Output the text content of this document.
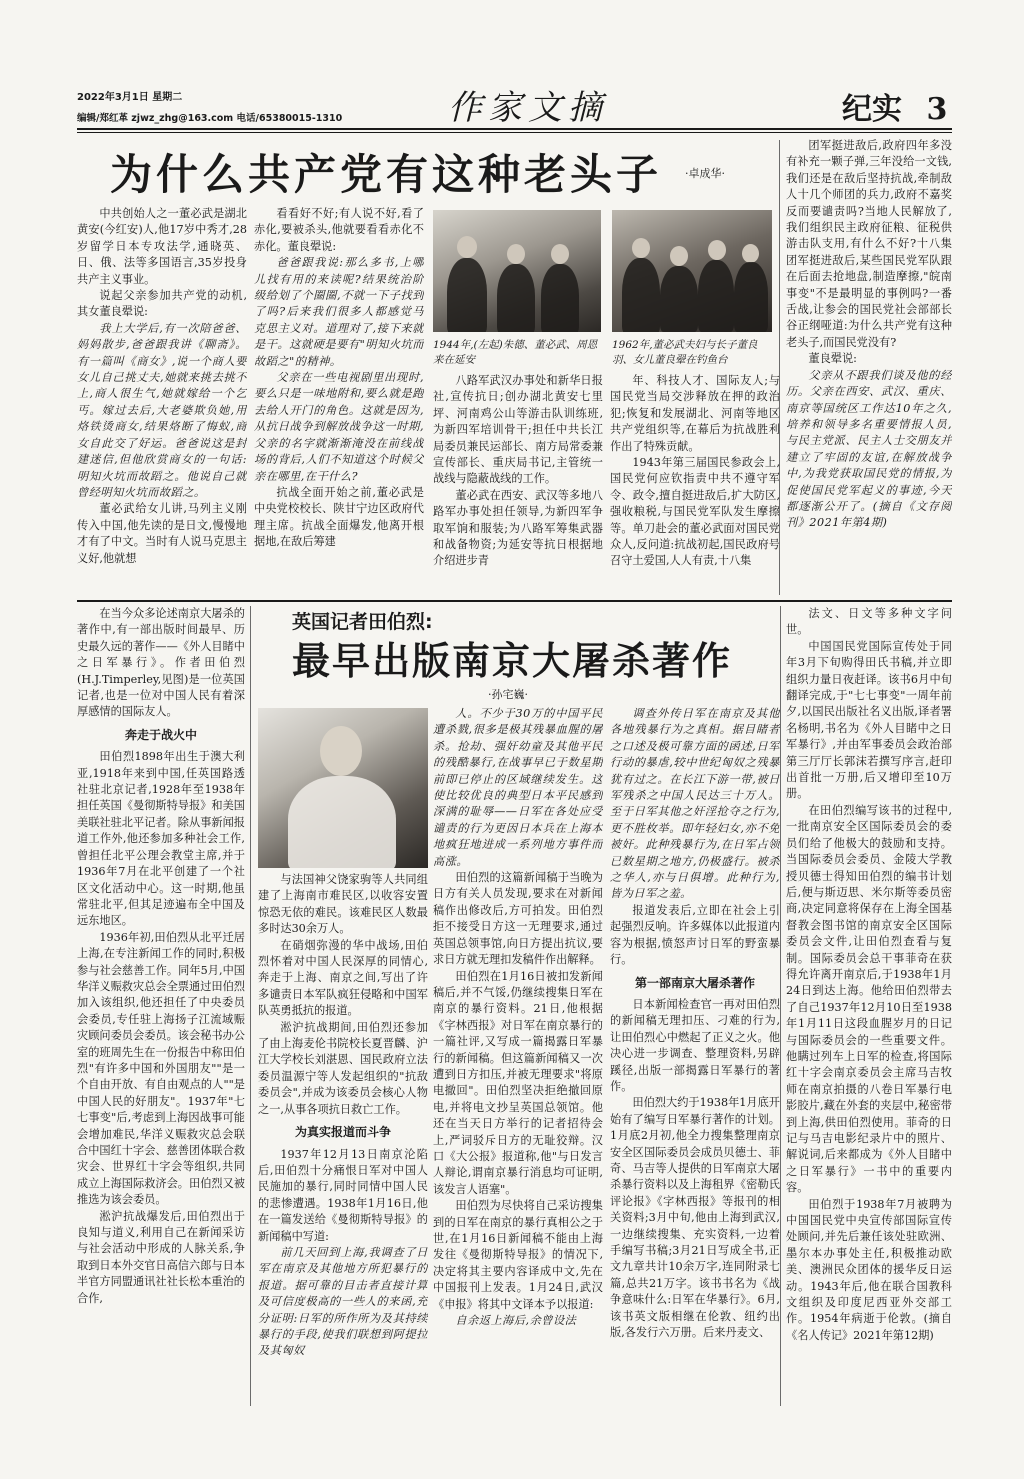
2022年3月1日 星期二
编辑/郑红革 zjwz_zhg@163.com 电话/65380015-1310	作家文摘	纪实 3
为什么共产党有这种老头子 ·卓成华·

中共创始人之一董必武是湖北黄安(今红安)人,他17岁中秀才,28岁留学日本专攻法学,通晓英、日、俄、法等多国语言,35岁投身共产主义事业。

说起父亲参加共产党的动机,其女董良翚说:

我上大学后,有一次陪爸爸、妈妈散步,爸爸跟我讲《聊斋》。有一篇叫《商女》,说一个商人要女儿自己挑丈夫,她就来挑去挑不上,商人很生气,她就嫁给一个乞丐。嫁过去后,大老婆欺负她,用烙铁烫商女,结果烙断了悔蚁,商女自此交了好运。爸爸说这是封建迷信,但他欣赏商女的一句话:明知火坑而故蹈之。他说自己就曾经明知火坑而故蹈之。

董必武给女儿讲,马列主义刚传入中国,他先读的是日文,慢慢地才有了中文。当时有人说马克思主义好,他就想

看看好不好;有人说不好,看了赤化,要被杀头,他就要看看赤化不赤化。董良翚说:

爸爸跟我说:那么多书,上哪儿找有用的来读呢?结果统治阶级给划了个圈圈,不就一下子找到了吗?后来我们很多人都感觉马克思主义对。道理对了,接下来就是干。这就硬是要有"明知火坑而故蹈之"的精神。

父亲在一些电视剧里出现时,要么只是一味地附和,要么就是跑去给人开门的角色。这就是因为,从抗日战争到解放战争这一时期,父亲的名字就渐渐淹没在前线战场的背后,人们不知道这个时候父亲在哪里,在干什么?

抗战全面开始之前,董必武是中央党校校长、陕甘宁边区政府代理主席。抗战全面爆发,他离开根据地,在敌后筹建

1944年,(左起)朱德、董必武、周恩来在延安
1962年,董必武夫妇与长子董良羽、女儿董良翚在钓鱼台

八路军武汉办事处和新华日报社,宣传抗日;创办湖北黄安七里坪、河南鸡公山等游击队训练班,为新四军培训骨干;担任中共长江局委员兼民运部长、南方局常委兼宣传部长、重庆局书记,主管统一战线与隐蔽战线的工作。

董必武在西安、武汉等多地八路军办事处担任领导,为新四军争取军饷和服装;为八路军筹集武器和战备物资;为延安等抗日根据地介绍进步青

年、科技人才、国际友人;与国民党当局交涉释放在押的政治犯;恢复和发展湖北、河南等地区共产党组织等,在幕后为抗战胜利作出了特殊贡献。

1943年第三届国民参政会上,国民党何应钦指责中共不遵守军令、政令,擅自挺进敌后,扩大防区,强收粮税,与国民党军队发生摩擦等。单刀赴会的董必武面对国民党众人,反问道:抗战初起,国民政府号召守土爱国,人人有责,十八集

团军挺进敌后,政府四年多没有补充一颗子弹,三年没给一文钱,我们还是在敌后坚持抗战,牵制敌人十几个师团的兵力,政府不嘉奖反而要谴责吗?当地人民解放了,我们组织民主政府征粮、征税供游击队支用,有什么不好?十八集团军挺进敌后,某些国民党军队跟在后面去抢地盘,制造摩擦,"皖南事变"不是最明显的事例吗?一番舌战,让参会的国民党社会部部长谷正纲哑道:为什么共产党有这种老头子,而国民党没有?

董良翚说:

父亲从不跟我们谈及他的经历。父亲在西安、武汉、重庆、南京等国统区工作达10年之久,培养和领导多名重要情报人员,与民主党派、民主人士交朋友并建立了牢固的友谊,在解放战争中,为我党获取国民党的情报,为促使国民党军起义的事迹,今天都逐渐公开了。(摘自《文存阅刊》2021年第4期)

在当今众多论述南京大屠杀的著作中,有一部出版时间最早、历史最久远的著作——《外人目睹中之日军暴行》。作者田伯烈(H.J.Timperley,见图)是一位英国记者,也是一位对中国人民有着深厚感情的国际友人。

奔走于战火中

田伯烈1898年出生于澳大利亚,1918年来到中国,任英国路透社驻北京记者,1928年至1938年担任英国《曼彻斯特导报》和美国美联社驻北平记者。除从事新闻报道工作外,他还参加多种社会工作,曾担任北平公理会教堂主席,并于1936年7月在北平创建了一个社区文化活动中心。这一时期,他虽常驻北平,但其足迹遍布全中国及远东地区。

1936年初,田伯烈从北平迁居上海,在专注新闻工作的同时,积极参与社会慈善工作。同年5月,中国华洋义赈救灾总会全票通过田伯烈加入该组织,他还担任了中央委员会委员,专任驻上海扬子江流域赈灾顾问委员会委员。该会秘书办公室的班周先生在一份报告中称田伯烈"有许多中国和外国朋友""是一个自由开放、有自由观点的人""是中国人民的好朋友"。1937年"七七事变"后,考虑到上海因战事可能会增加难民,华洋义赈救灾总会联合中国红十字会、慈善团体联合救灾会、世界红十字会等组织,共同成立上海国际救济会。田伯烈又被推选为该会委员。

淞沪抗战爆发后,田伯烈出于良知与道义,利用自己在新闻采访与社会活动中形成的人脉关系,争取到日本外交官日高信六郎与日本半官方同盟通讯社社长松本重治的合作,

英国记者田伯烈:
最早出版南京大屠杀著作
·孙宅巍·

与法国神父饶家驹等人共同组建了上海南市难民区,以收容安置惊恐无依的难民。该难民区人数最多时达30余万人。

在硝烟弥漫的华中战场,田伯烈怀着对中国人民深厚的同情心,奔走于上海、南京之间,写出了许多谴责日本军队疯狂侵略和中国军队英勇抵抗的报道。

淞沪抗战期间,田伯烈还参加了由上海麦伦书院校长夏晋麟、沪江大学校长刘湛恩、国民政府立法委员温源宁等人发起组织的"抗敌委员会",并成为该委员会核心人物之一,从事各项抗日救亡工作。

为真实报道而斗争

1937年12月13日南京沦陷后,田伯烈十分痛恨日军对中国人民施加的暴行,同时同情中国人民的悲惨遭遇。1938年1月16日,他在一篇发送给《曼彻斯特导报》的新闻稿中写道:

前几天回到上海,我调查了日军在南京及其他地方所犯暴行的报道。据可靠的目击者直接计算及可信度极高的一些人的来函,充分证明:日军的所作所为及其持续暴行的手段,使我们联想到阿提拉及其匈奴

人。不少于30万的中国平民遭杀戮,很多是极其残暴血腥的屠杀。抢劫、强奸幼童及其他平民的残酷暴行,在战事早已于数星期前即已停止的区域继续发生。这使比较优良的典型日本平民感到深满的耻辱——日军在各处应受谴责的行为更因日本兵在上海本地疯狂地进成一系列地方事件而高涨。

田伯烈的这篇新闻稿于当晚为日方有关人员发现,要求在对新闻稿作出修改后,方可拍发。田伯烈拒不接受日方这一无理要求,通过英国总领事馆,向日方提出抗议,要求日方就无理扣发稿件作出解释。

田伯烈在1月16日被扣发新闻稿后,并不气馁,仍继续搜集日军在南京的暴行资料。21日,他根据《字林西报》对日军在南京暴行的一篇社评,又写成一篇揭露日军暴行的新闻稿。但这篇新闻稿又一次遭到日方扣压,并被无理要求"将原电撤回"。田伯烈坚决拒绝撤回原电,并将电文抄呈英国总领馆。他还在当天日方举行的记者招待会上,严词驳斥日方的无耻狡辩。汉口《大公报》报道称,他"与日发言人辩论,谓南京暴行消息均可证明,该发言人语塞"。

田伯烈为尽快将自己采访搜集到的日军在南京的暴行真相公之于世,在1月16日新闻稿不能由上海发往《曼彻斯特导报》的情况下,决定将其主要内容译成中文,先在中国报刊上发表。1月24日,武汉《申报》将其中文译本予以报道:

自余返上海后,余曾设法

调查外传日军在南京及其他各地残暴行为之真相。据目睹者之口述及极可靠方面的函述,日军行动的暴虐,较中世纪匈奴之残暴犹有过之。在长江下游一带,被日军残杀之中国人民达三十万人。至于日军其他之奸淫抢夺之行为,更不胜枚举。即年轻妇女,亦不免被奸。此种残暴行为,在日军占领已数星期之地方,仍极盛行。被杀之华人,亦与日俱增。此种行为,皆为日军之羞。

报道发表后,立即在社会上引起强烈反响。许多媒体以此报道内容为根据,愤怒声讨日军的野蛮暴行。

第一部南京大屠杀著作

日本新闻检查官一再对田伯烈的新闻稿无理扣压、刁难的行为,让田伯烈心中燃起了正义之火。他决心进一步调查、整理资料,另辟蹊径,出版一部揭露日军暴行的著作。

田伯烈大约于1938年1月底开始有了编写日军暴行著作的计划。1月底2月初,他全力搜集整理南京安全区国际委员会成员贝德士、菲奇、马吉等人提供的日军南京大屠杀暴行资料以及上海租界《密勒氏评论报》《字林西报》等报刊的相关资料;3月中旬,他由上海到武汉,一边继续搜集、充实资料,一边着手编写书稿;3月21日写成全书,正文九章共计10余万字,连同附录七篇,总共21万字。该书书名为《战争意味什么:日军在华暴行》。6月,该书英文版相继在伦敦、纽约出版,各发行六万册。后来丹麦文、

法文、日文等多种文字问世。

中国国民党国际宣传处于同年3月下旬购得田氏书稿,并立即组织力量日夜赶译。该书6月中旬翻译完成,于"七七事变"一周年前夕,以国民出版社名义出版,译者署名杨明,书名为《外人目睹中之日军暴行》,并由军事委员会政治部第三厅厅长郭沫若撰写序言,赶印出首批一万册,后又增印至10万册。

在田伯烈编写该书的过程中,一批南京安全区国际委员会的委员们给了他极大的鼓励和支持。当国际委员会委员、金陵大学教授贝德士得知田伯烈的编书计划后,便与斯迈思、米尔斯等委员密商,决定同意将保存在上海全国基督教会图书馆的南京安全区国际委员会文件,让田伯烈查看与复制。国际委员会总干事菲奇在获得允许离开南京后,于1938年1月24日到达上海。他给田伯烈带去了自己1937年12月10日至1938年1月11日这段血腥岁月的日记与国际委员会的一些重要文件。他瞒过列车上日军的检查,将国际红十字会南京委员会主席马吉牧师在南京拍摄的八卷日军暴行电影胶片,藏在外套的夹层中,秘密带到上海,供田伯烈使用。菲奇的日记与马吉电影纪录片中的照片、解说词,后来都成为《外人目睹中之日军暴行》一书中的重要内容。

田伯烈于1938年7月被聘为中国国民党中央宣传部国际宣传处顾问,并先后兼任该处驻欧洲、墨尔本办事处主任,积极推动欧美、澳洲民众团体的援华反日运动。1943年后,他在联合国教科文组织及印度尼西亚外交部工作。1954年病逝于伦敦。(摘自《名人传记》2021年第12期)
